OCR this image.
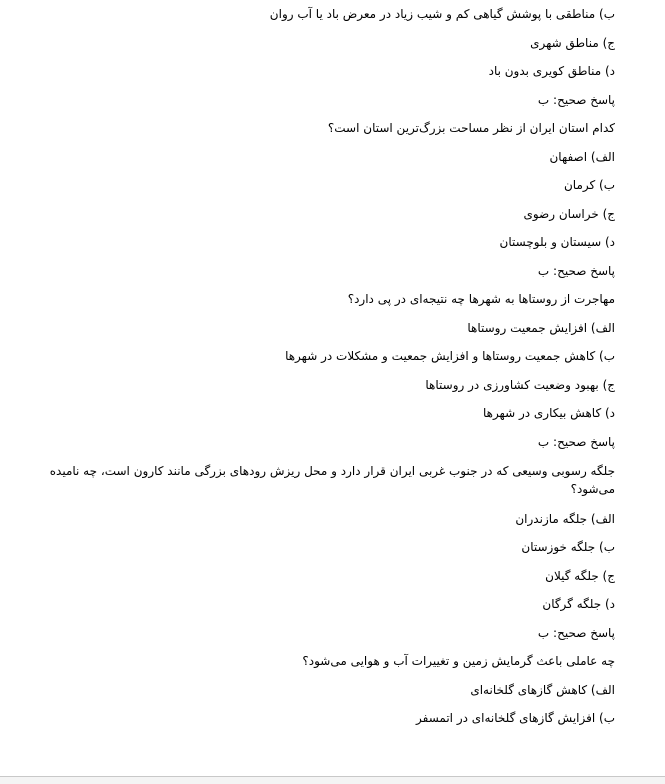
ب) مناطقی با پوشش گیاهی کم و شیب زیاد در معرض باد یا آب روان

ج) مناطق شهری

د) مناطق کویری بدون باد

پاسخ صحیح: ب

کدام استان ایران از نظر مساحت بزرگ‌ترین استان است؟

الف) اصفهان

ب) کرمان

ج) خراسان رضوی

د) سیستان و بلوچستان

پاسخ صحیح: ب

مهاجرت از روستاها به شهرها چه نتیجه‌ای در پی دارد؟

الف) افزایش جمعیت روستاها

ب) کاهش جمعیت روستاها و افزایش جمعیت و مشکلات در شهرها

ج) بهبود وضعیت کشاورزی در روستاها

د) کاهش بیکاری در شهرها

پاسخ صحیح: ب

جلگه رسوبی وسیعی که در جنوب غربی ایران قرار دارد و محل ریزش رودهای بزرگی مانند کارون است، چه نامیده می‌شود؟

الف) جلگه مازندران

ب) جلگه خوزستان

ج) جلگه گیلان

د) جلگه گرگان

پاسخ صحیح: ب

چه عاملی باعث گرمایش زمین و تغییرات آب و هوایی می‌شود؟

الف) کاهش گازهای گلخانه‌ای

ب) افزایش گازهای گلخانه‌ای در اتمسفر
